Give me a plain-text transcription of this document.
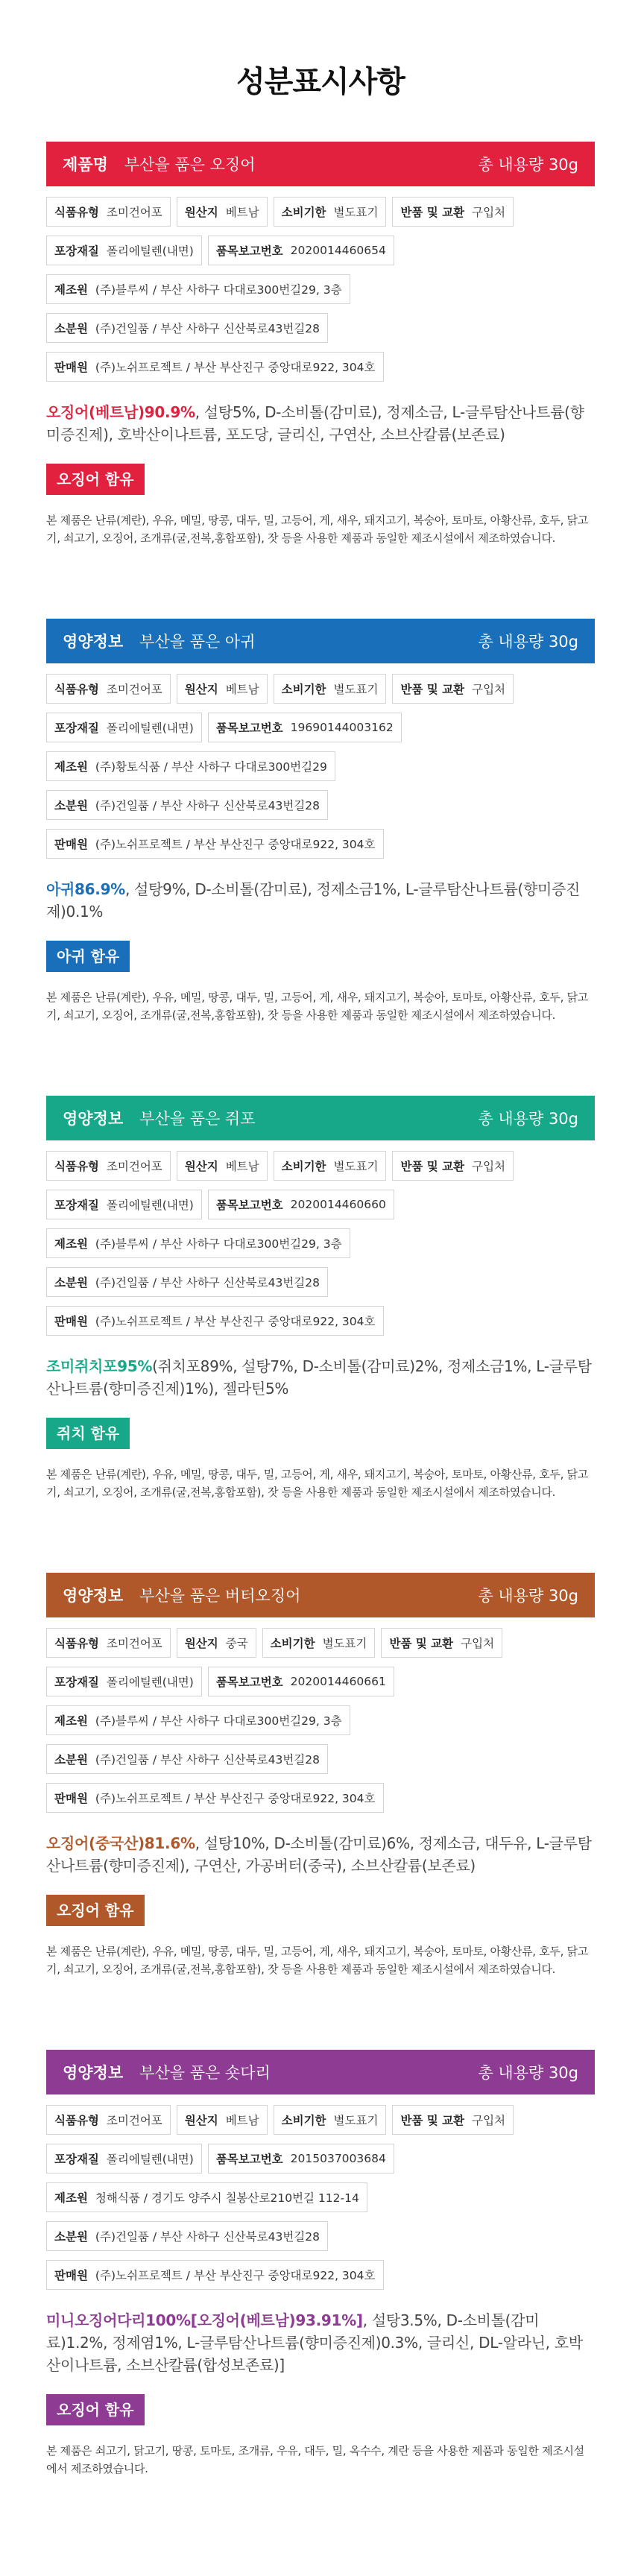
성분표시사항
제품명 부산을 품은 오징어	총 내용량 30g
식품유형 조미건어포 원산지 베트남 소비기한 별도표기 반품 및 교환 구입처
포장재질 폴리에틸렌(내면) 품목보고번호 2020014460654
제조원 (주)블루씨 / 부산 사하구 다대로300번길29, 3층
소분원 (주)건일품 / 부산 사하구 신산북로43번길28
판매원 (주)노쉬프로젝트 / 부산 부산진구 중앙대로922, 304호

오징어(베트남)90.9%, 설탕5%, D-소비톨(감미료), 정제소금, L-글루탐산나트륨(향미증진제), 호박산이나트륨, 포도당, 글리신, 구연산, 소브산칼륨(보존료)

오징어 함유

본 제품은 난류(계란), 우유, 메밀, 땅콩, 대두, 밀, 고등어, 게, 새우, 돼지고기, 복숭아, 토마토, 아황산류, 호두, 닭고기, 쇠고기, 오징어, 조개류(굴,전복,홍합포함), 잣 등을 사용한 제품과 동일한 제조시설에서 제조하였습니다.

영양정보 부산을 품은 아귀	총 내용량 30g
식품유형 조미건어포 원산지 베트남 소비기한 별도표기 반품 및 교환 구입처
포장재질 폴리에틸렌(내면) 품목보고번호 19690144003162
제조원 (주)황토식품 / 부산 사하구 다대로300번길29
소분원 (주)건일품 / 부산 사하구 신산북로43번길28
판매원 (주)노쉬프로젝트 / 부산 부산진구 중앙대로922, 304호

아귀86.9%, 설탕9%, D-소비톨(감미료), 정제소금1%, L-글루탐산나트륨(향미증진제)0.1%

아귀 함유

본 제품은 난류(계란), 우유, 메밀, 땅콩, 대두, 밀, 고등어, 게, 새우, 돼지고기, 복숭아, 토마토, 아황산류, 호두, 닭고기, 쇠고기, 오징어, 조개류(굴,전복,홍합포함), 잣 등을 사용한 제품과 동일한 제조시설에서 제조하였습니다.

영양정보 부산을 품은 쥐포	총 내용량 30g
식품유형 조미건어포 원산지 베트남 소비기한 별도표기 반품 및 교환 구입처
포장재질 폴리에틸렌(내면) 품목보고번호 2020014460660
제조원 (주)블루씨 / 부산 사하구 다대로300번길29, 3층
소분원 (주)건일품 / 부산 사하구 신산북로43번길28
판매원 (주)노쉬프로젝트 / 부산 부산진구 중앙대로922, 304호

조미쥐치포95%(쥐치포89%, 설탕7%, D-소비톨(감미료)2%, 정제소금1%, L-글루탐산나트륨(향미증진제)1%), 젤라틴5%

쥐치 함유

본 제품은 난류(계란), 우유, 메밀, 땅콩, 대두, 밀, 고등어, 게, 새우, 돼지고기, 복숭아, 토마토, 아황산류, 호두, 닭고기, 쇠고기, 오징어, 조개류(굴,전복,홍합포함), 잣 등을 사용한 제품과 동일한 제조시설에서 제조하였습니다.

영양정보 부산을 품은 버터오징어	총 내용량 30g
식품유형 조미건어포 원산지 중국 소비기한 별도표기 반품 및 교환 구입처
포장재질 폴리에틸렌(내면) 품목보고번호 2020014460661
제조원 (주)블루씨 / 부산 사하구 다대로300번길29, 3층
소분원 (주)건일품 / 부산 사하구 신산북로43번길28
판매원 (주)노쉬프로젝트 / 부산 부산진구 중앙대로922, 304호

오징어(중국산)81.6%, 설탕10%, D-소비톨(감미료)6%, 정제소금, 대두유, L-글루탐산나트륨(향미증진제), 구연산, 가공버터(중국), 소브산칼륨(보존료)

오징어 함유

본 제품은 난류(계란), 우유, 메밀, 땅콩, 대두, 밀, 고등어, 게, 새우, 돼지고기, 복숭아, 토마토, 아황산류, 호두, 닭고기, 쇠고기, 오징어, 조개류(굴,전복,홍합포함), 잣 등을 사용한 제품과 동일한 제조시설에서 제조하였습니다.

영양정보 부산을 품은 숏다리	총 내용량 30g
식품유형 조미건어포 원산지 베트남 소비기한 별도표기 반품 및 교환 구입처
포장재질 폴리에틸렌(내면) 품목보고번호 2015037003684
제조원 청해식품 / 경기도 양주시 칠봉산로210번길 112-14
소분원 (주)건일품 / 부산 사하구 신산북로43번길28
판매원 (주)노쉬프로젝트 / 부산 부산진구 중앙대로922, 304호

미니오징어다리100%[오징어(베트남)93.91%], 설탕3.5%, D-소비톨(감미료)1.2%, 정제염1%, L-글루탐산나트륨(향미증진제)0.3%, 글리신, DL-알라닌, 호박산이나트륨, 소브산칼륨(합성보존료)]

오징어 함유

본 제품은 쇠고기, 닭고기, 땅콩, 토마토, 조개류, 우유, 대두, 밀, 옥수수, 계란 등을 사용한 제품과 동일한 제조시설에서 제조하였습니다.
